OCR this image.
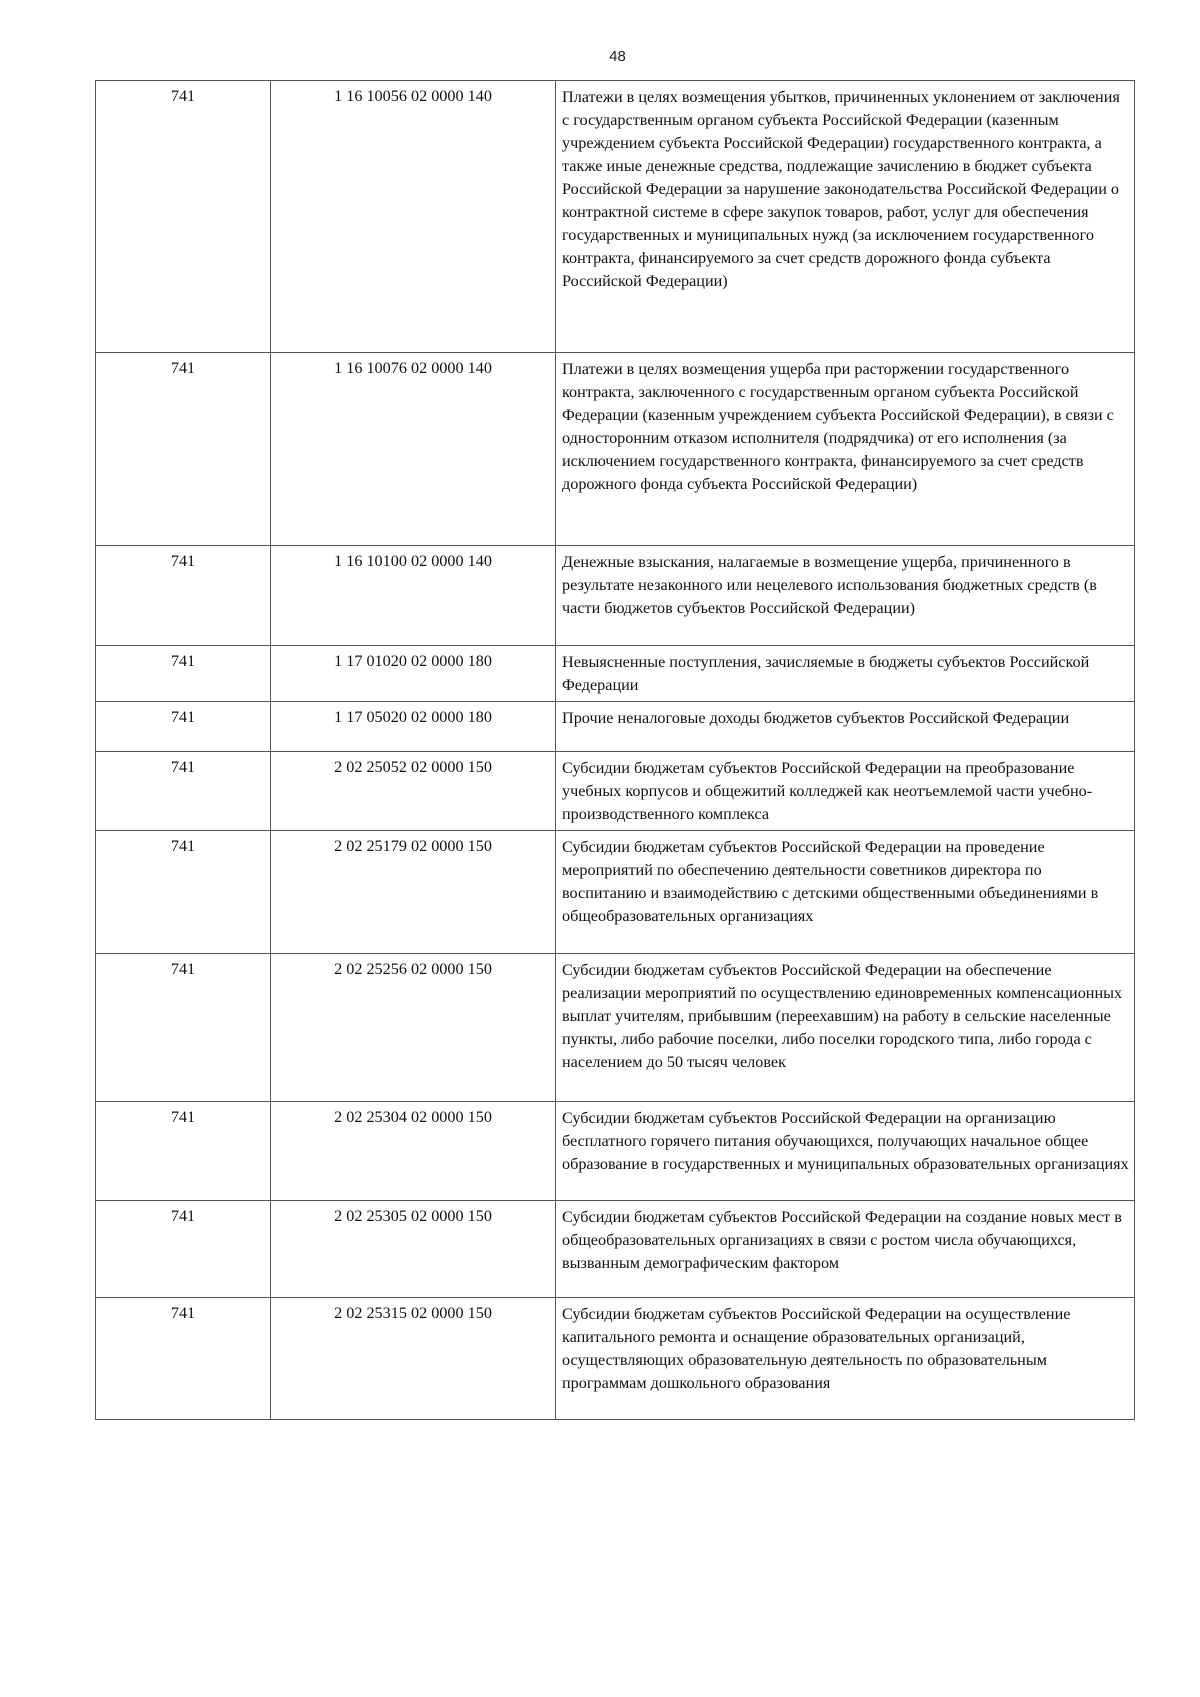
48
741	1 16 10056 02 0000 140	Платежи в целях возмещения убытков, причиненных уклонением от заключения с государственным органом субъекта Российской Федерации (казенным учреждением субъекта Российской Федерации) государственного контракта, а также иные денежные средства, подлежащие зачислению в бюджет субъекта Российской Федерации за нарушение законодательства Российской Федерации о контрактной системе в сфере закупок товаров, работ, услуг для обеспечения государственных и муниципальных нужд (за исключением государственного контракта, финансируемого за счет средств дорожного фонда субъекта Российской Федерации)

741	1 16 10076 02 0000 140	Платежи в целях возмещения ущерба при расторжении государственного контракта, заключенного с государственным органом субъекта Российской Федерации (казенным учреждением субъекта Российской Федерации), в связи с односторонним отказом исполнителя (подрядчика) от его исполнения (за исключением государственного контракта, финансируемого за счет средств дорожного фонда субъекта Российской Федерации)

741	1 16 10100 02 0000 140	Денежные взыскания, налагаемые в возмещение ущерба, причиненного в результате незаконного или нецелевого использования бюджетных средств (в части бюджетов субъектов Российской Федерации)

741	1 17 01020 02 0000 180	Невыясненные поступления, зачисляемые в бюджеты субъектов Российской Федерации

741	1 17 05020 02 0000 180	Прочие неналоговые доходы бюджетов субъектов Российской Федерации

741	2 02 25052 02 0000 150	Субсидии бюджетам субъектов Российской Федерации на преобразование учебных корпусов и общежитий колледжей как неотъемлемой части учебно-производственного комплекса

741	2 02 25179 02 0000 150	Субсидии бюджетам субъектов Российской Федерации на проведение мероприятий по обеспечению деятельности советников директора по воспитанию и взаимодействию с детскими общественными объединениями в общеобразовательных организациях

741	2 02 25256 02 0000 150	Субсидии бюджетам субъектов Российской Федерации на обеспечение реализации мероприятий по осуществлению единовременных компенсационных выплат учителям, прибывшим (переехавшим) на работу в сельские населенные пункты, либо рабочие поселки, либо поселки городского типа, либо города с населением до 50 тысяч человек

741	2 02 25304 02 0000 150	Субсидии бюджетам субъектов Российской Федерации на организацию бесплатного горячего питания обучающихся, получающих начальное общее образование в государственных и муниципальных образовательных организациях

741	2 02 25305 02 0000 150	Субсидии бюджетам субъектов Российской Федерации на создание новых мест в общеобразовательных организациях в связи с ростом числа обучающихся, вызванным демографическим фактором

741	2 02 25315 02 0000 150	Субсидии бюджетам субъектов Российской Федерации на осуществление капитального ремонта и оснащение образовательных организаций, осуществляющих образовательную деятельность по образовательным программам дошкольного образования
